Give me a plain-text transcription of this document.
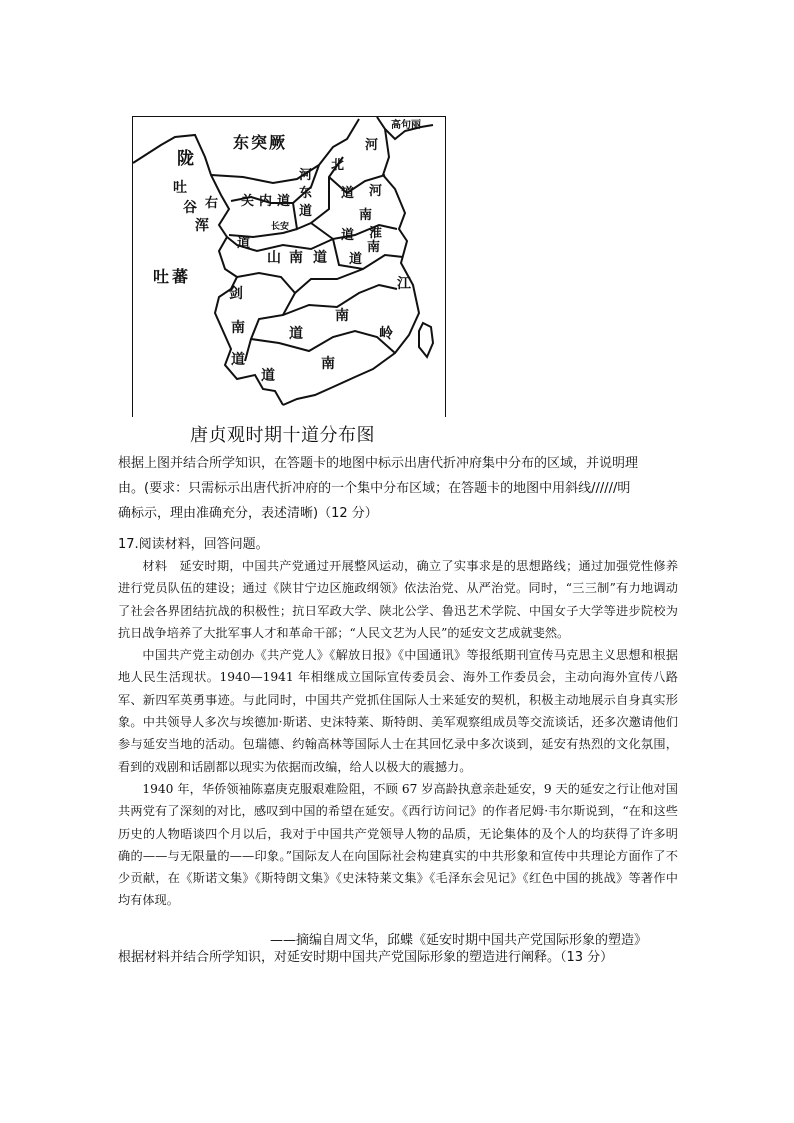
陇
东突厥
高句丽
吐
谷
浑
吐蕃
右 关 内 道
长安
河
东
道
河
北
道 河
南
道
道
山 南 道
淮
南
道
剑
南
道
江
南
道	岭
南
道
唐贞观时期十道分布图
根据上图并结合所学知识，在答题卡的地图中标示出唐代折冲府集中分布的区域，并说明理
由。(要求：只需标示出唐代折冲府的一个集中分布区域；在答题卡的地图中用斜线//////明
确标示，理由准确充分，表述清晰)（12 分）
17.阅读材料，回答问题。

材料 延安时期，中国共产党通过开展整风运动，确立了实事求是的思想路线；通过加强党性修养进行党员队伍的建设；通过《陕甘宁边区施政纲领》依法治党、从严治党。同时，“三三制”有力地调动了社会各界团结抗战的积极性；抗日军政大学、陕北公学、鲁迅艺术学院、中国女子大学等进步院校为抗日战争培养了大批军事人才和革命干部；“人民文艺为人民”的延安文艺成就斐然。

中国共产党主动创办《共产党人》《解放日报》《中国通讯》等报纸期刊宣传马克思主义思想和根据地人民生活现状。1940—1941 年相继成立国际宣传委员会、海外工作委员会，主动向海外宣传八路军、新四军英勇事迹。与此同时，中国共产党抓住国际人士来延安的契机，积极主动地展示自身真实形象。中共领导人多次与埃德加·斯诺、史沫特莱、斯特朗、美军观察组成员等交流谈话，还多次邀请他们参与延安当地的活动。包瑞德、约翰高林等国际人士在其回忆录中多次谈到，延安有热烈的文化氛围，看到的戏剧和话剧都以现实为依据而改编，给人以极大的震撼力。

1940 年，华侨领袖陈嘉庚克服艰难险阻，不顾 67 岁高龄执意亲赴延安，9 天的延安之行让他对国共两党有了深刻的对比，感叹到中国的希望在延安。《西行访问记》的作者尼姆·韦尔斯说到，“在和这些历史的人物晤谈四个月以后，我对于中国共产党领导人物的品质，无论集体的及个人的均获得了许多明确的——与无限量的——印象。”国际友人在向国际社会构建真实的中共形象和宣传中共理论方面作了不少贡献，在《斯诺文集》《斯特朗文集》《史沫特莱文集》《毛泽东会见记》《红色中国的挑战》等著作中均有体现。

——摘编自周文华，邱蝶《延安时期中国共产党国际形象的塑造》
根据材料并结合所学知识，对延安时期中国共产党国际形象的塑造进行阐释。（13 分）
